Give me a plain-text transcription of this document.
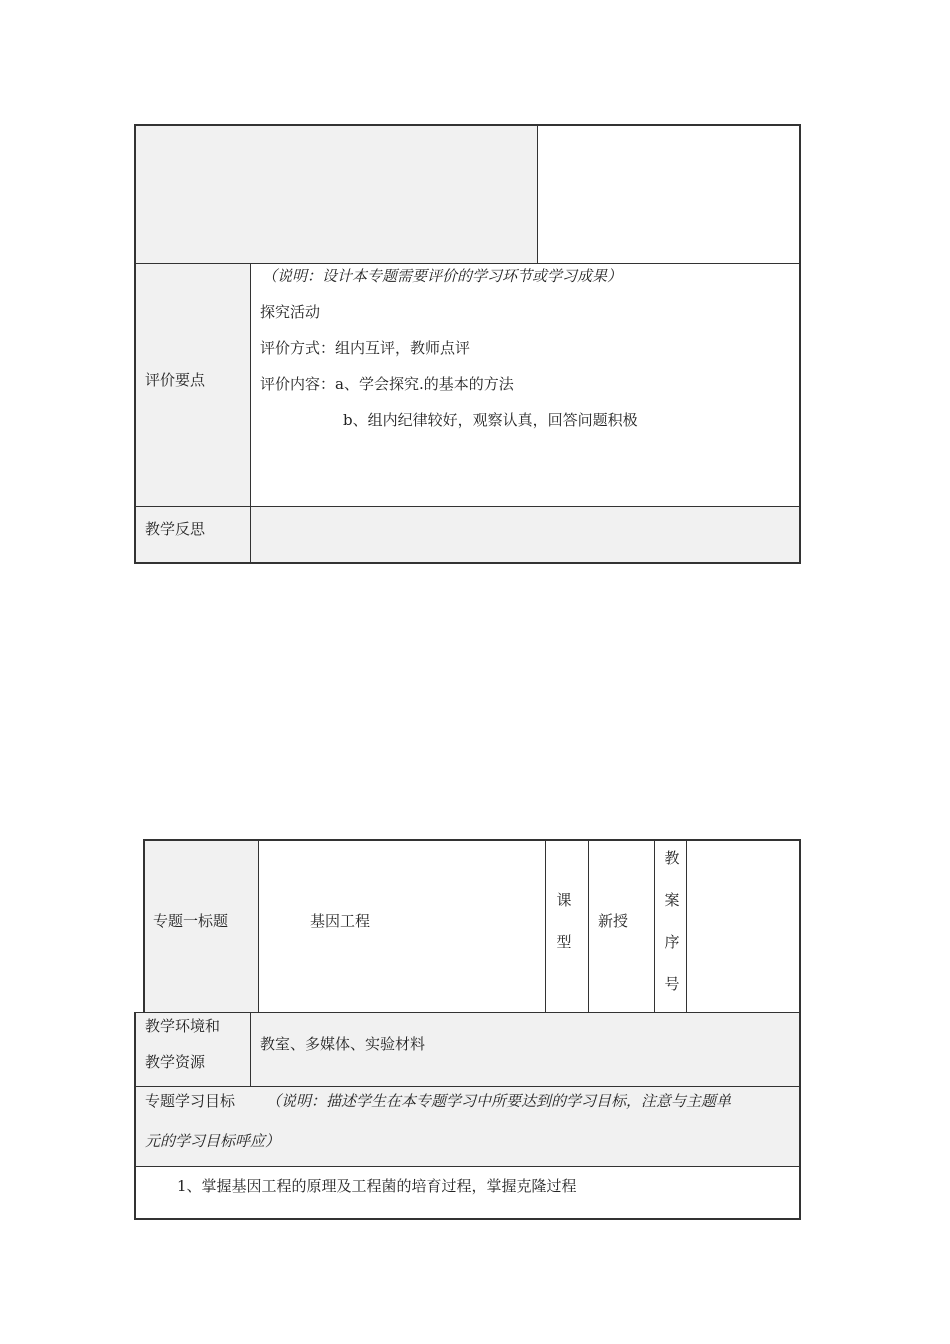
评价要点
（说明：设计本专题需要评价的学习环节或学习成果）
探究活动
评价方式：组内互评，教师点评
评价内容：a、学会探究.的基本的方法
b、组内纪律较好，观察认真，回答问题积极
教学反思
专题一标题	基因工程
课
型
新授
教
案
序
号
教学环境和
教学资源
教室、多媒体、实验材料
专题学习目标 （说明：描述学生在本专题学习中所要达到的学习目标，注意与主题单
元的学习目标呼应）
1、掌握基因工程的原理及工程菌的培育过程，掌握克隆过程
